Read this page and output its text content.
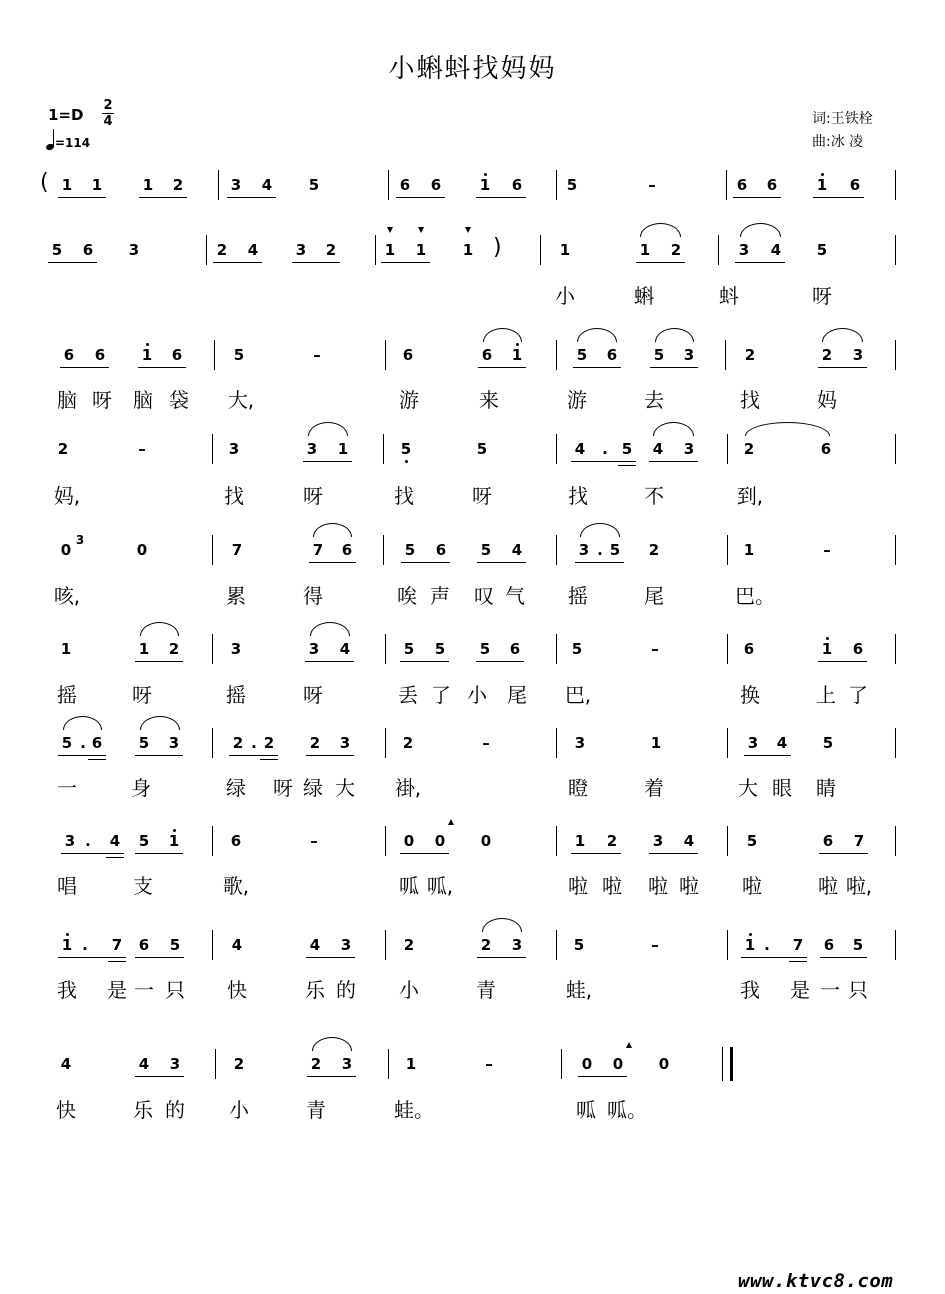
小蝌蚪找妈妈
1=D
2
4
=114
词:王铁栓
曲:冰 凌
(
)
www.ktvc8.com
1 1	1 2	3 4 5	6 6	1 6	5	–	6 6	1 6
5 6 3	2 4	3 2	1 1 1	1	1 2	3 4 5
小	蝌	蚪	呀
6 6 1 6	5	–	6	6 1	5 6 5 3	2	2 3
脑 呀 脑 袋 大,	游	来	游	去	找	妈
2	–	3	3 1	5	5	4	. 5 4 3	2	6
妈,	找	呀	找	呀	找	不	到,
0	0	7	7 6	5 6 5 4	3 . 5 2	1	–
3
咳,	累	得	唉 声 叹 气 摇	尾	巴。
1	1 2	3	3 4	5 5 5 6	5	–	6	1 6
摇	呀	摇	呀	丢 了 小 尾 巴,	换	上 了
5 . 6 5 3	2 . 2 2 3	2	–	3	1	3 4 5
一	身	绿 呀 绿 大 褂,	瞪	着	大 眼 睛
3 .	4 5 1	6	–	0 0 0	1 2 3 4	5	6 7
唱	支	歌,	呱 呱,	啦 啦 啦 啦 啦	啦 啦,
1 .	7 6 5	4	4 3	2	2 3	5	–	1 .	7 6 5
我 是 一 只 快	乐 的 小	青	蛙,	我 是 一 只
4	4 3	2	2 3	1	–	0 0 0
快	乐 的 小	青	蛙。	呱 呱。
